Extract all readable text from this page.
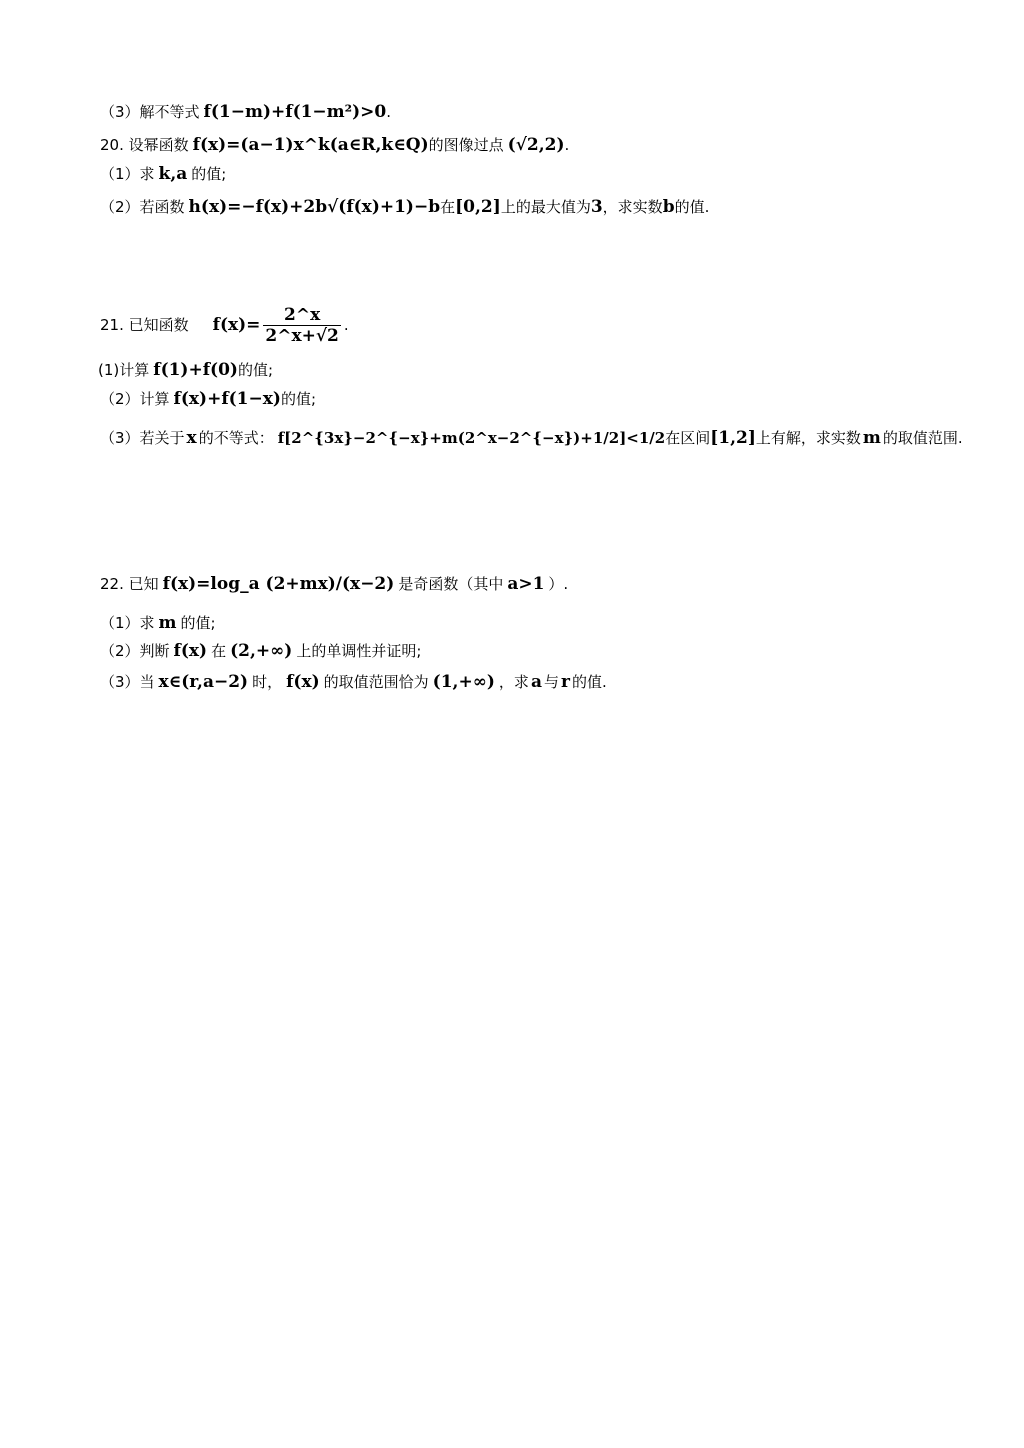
（3）解不等式 f(1−m)+f(1−m²)>0 .
20. 设幂函数 f(x)=(a−1)x^k(a∈R,k∈Q) 的图像过点 (√2,2) .
（1）求 k,a 的值;
（2）若函数 h(x)=−f(x)+2b√(f(x)+1)−b 在 [0,2] 上的最大值为 3 ，求实数 b 的值.
21. 已知函数 $f(x)= \frac{2\^{}x}{2\^{}x+√2}$ .
(1)计算 f(1)+f(0) 的值;
（2）计算 f(x)+f(1−x) 的值;
（3）若关于 x 的不等式： f[2^{3x}−2^{−x}+m(2^x−2^{−x})+1/2]<1/2 在区间 [1,2] 上有解，求实数 m 的取值范围.
22. 已知 f(x)=log_a (2+mx)/(x−2) 是奇函数（其中 a>1 ）.
（1）求 m 的值;
（2）判断 f(x) 在 (2,+∞) 上的单调性并证明;
（3）当 x∈(r,a−2) 时， f(x) 的取值范围恰为 (1,+∞) ，求 a 与 r 的值.
